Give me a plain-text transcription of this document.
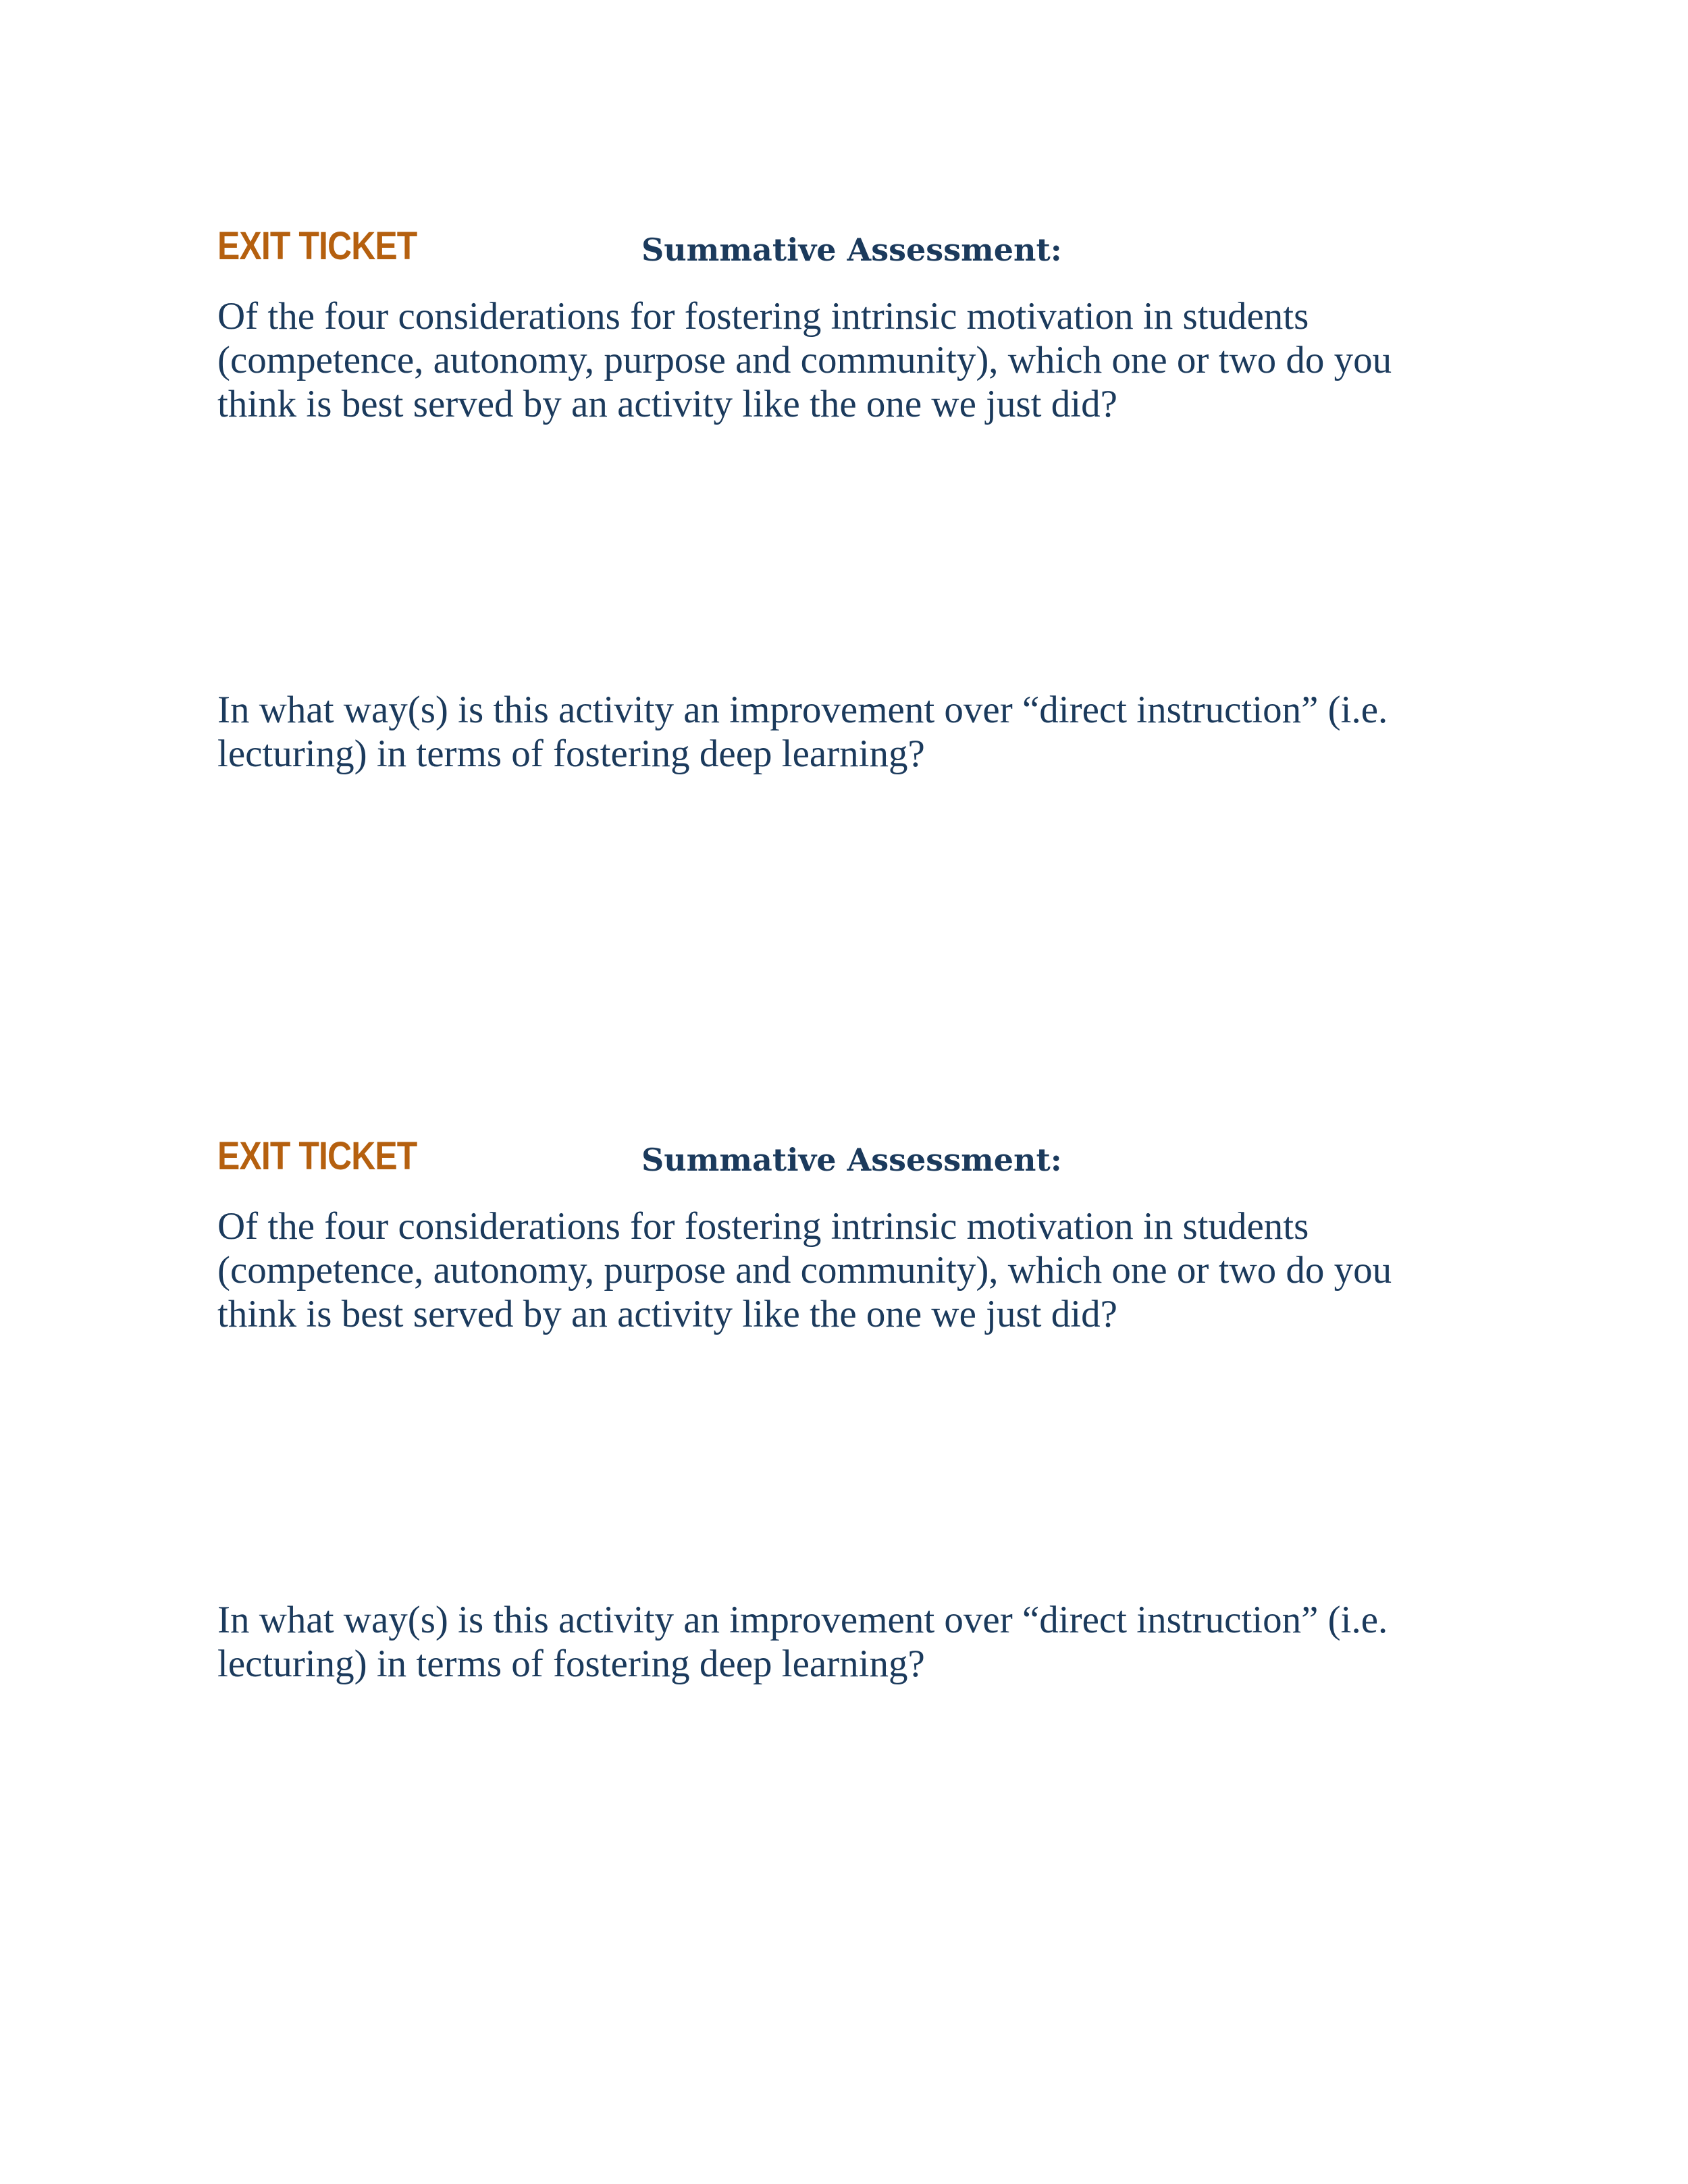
EXIT TICKET	Summative Assessment:

Of the four considerations for fostering intrinsic motivation in students
(competence, autonomy, purpose and community), which one or two do you
think is best served by an activity like the one we just did?

In what way(s) is this activity an improvement over “direct instruction” (i.e.
lecturing) in terms of fostering deep learning?

EXIT TICKET	Summative Assessment:

Of the four considerations for fostering intrinsic motivation in students
(competence, autonomy, purpose and community), which one or two do you
think is best served by an activity like the one we just did?

In what way(s) is this activity an improvement over “direct instruction” (i.e.
lecturing) in terms of fostering deep learning?
